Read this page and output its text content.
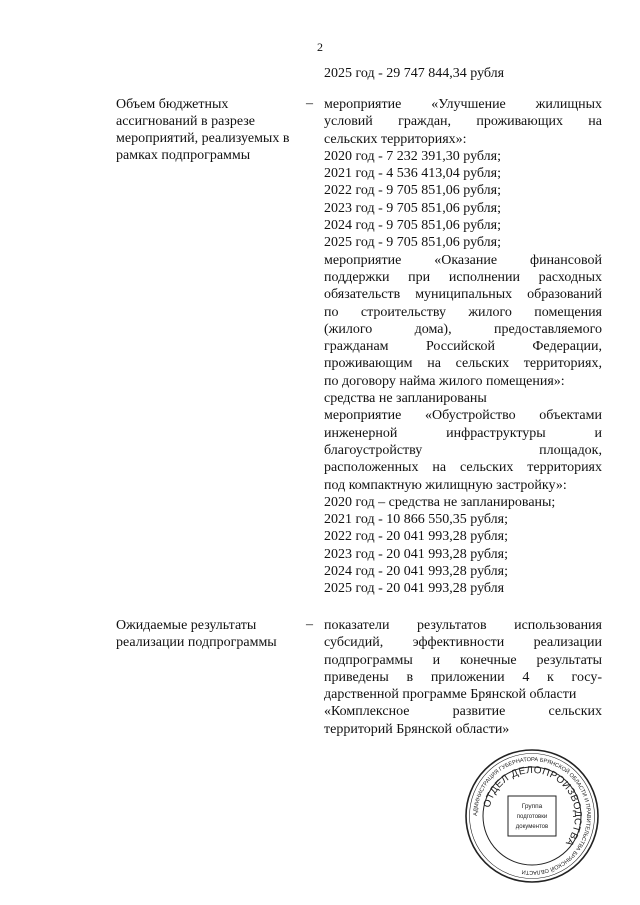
2
2025 год - 29 747 844,34 рубля
Объем бюджетных
ассигнований в разрезе
мероприятий, реализуемых в
рамках подпрограммы
– мероприятие «Улучшение жилищных
условий граждан, проживающих на
сельских территориях»:
2020 год - 7 232 391,30 рубля;
2021 год - 4 536 413,04 рубля;
2022 год - 9 705 851,06 рубля;
2023 год - 9 705 851,06 рубля;
2024 год - 9 705 851,06 рубля;
2025 год - 9 705 851,06 рубля;
мероприятие «Оказание финансовой
поддержки при исполнении расходных
обязательств муниципальных образований
по строительству жилого помещения
(жилого дома), предоставляемого
гражданам Российской Федерации,
проживающим на сельских территориях,
по договору найма жилого помещения»:
средства не запланированы
мероприятие «Обустройство объектами
инженерной инфраструктуры и
благоустройству площадок,
расположенных на сельских территориях
под компактную жилищную застройку»:
2020 год – средства не запланированы;
2021 год - 10 866 550,35 рубля;
2022 год - 20 041 993,28 рубля;
2023 год - 20 041 993,28 рубля;
2024 год - 20 041 993,28 рубля;
2025 год - 20 041 993,28 рубля
Ожидаемые результаты
реализации подпрограммы
– показатели результатов использования
субсидий, эффективности реализации
подпрограммы и конечные результаты
приведены в приложении 4 к госу-
дарственной программе Брянской области
«Комплексное развитие сельских
территорий Брянской области»
АДМИНИСТРАЦИЯ ГУБЕРНАТОРА БРЯНСКОЙ ОБЛАСТИ И ПРАВИТЕЛЬСТВА БРЯНСКОЙ ОБЛАСТИ
ОТДЕЛ ДЕЛОПРОИЗВОДСТВА
Группа
подготовки
документов
